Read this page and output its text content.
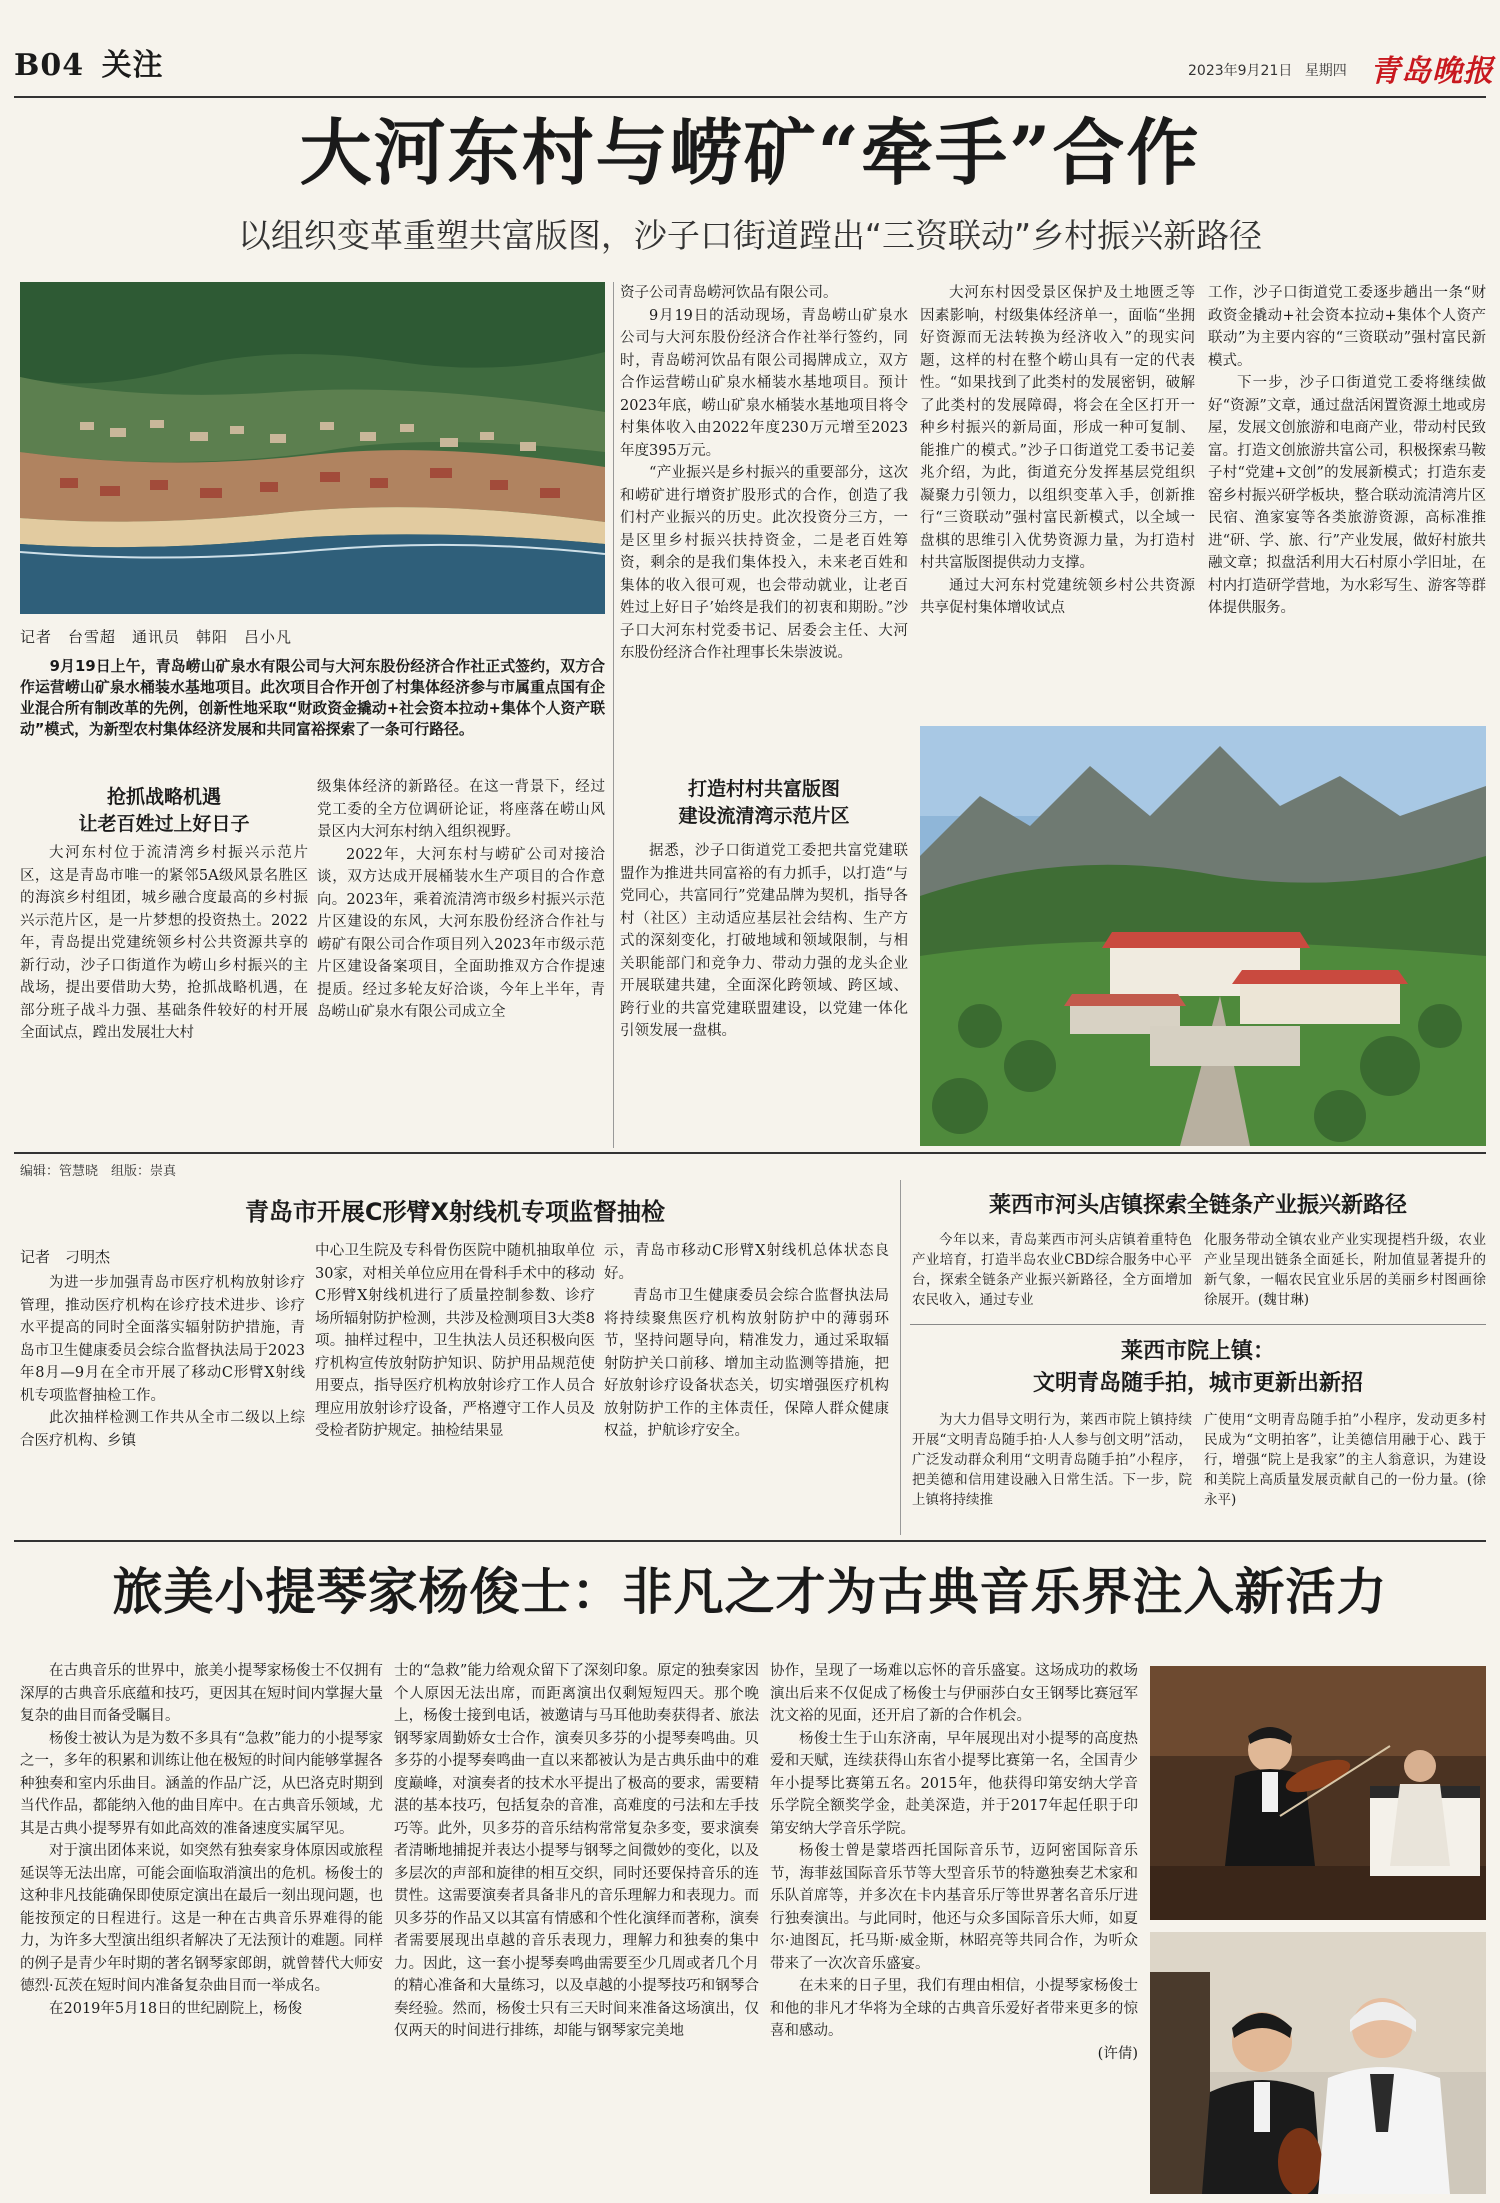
B04 关注	2023年9月21日 星期四 青岛晚报
大河东村与崂矿“牵手”合作
以组织变革重塑共富版图，沙子口街道蹚出“三资联动”乡村振兴新路径
记者　台雪超　通讯员　韩阳　吕小凡

9月19日上午，青岛崂山矿泉水有限公司与大河东股份经济合作社正式签约，双方合作运营崂山矿泉水桶装水基地项目。此次项目合作开创了村集体经济参与市属重点国有企业混合所有制改革的先例，创新性地采取“财政资金撬动+社会资本拉动+集体个人资产联动”模式，为新型农村集体经济发展和共同富裕探索了一条可行路径。

抢抓战略机遇
让老百姓过上好日子

大河东村位于流清湾乡村振兴示范片区，这是青岛市唯一的紧邻5A级风景名胜区的海滨乡村组团，城乡融合度最高的乡村振兴示范片区，是一片梦想的投资热土。2022年，青岛提出党建统领乡村公共资源共享的新行动，沙子口街道作为崂山乡村振兴的主战场，提出要借助大势，抢抓战略机遇，在部分班子战斗力强、基础条件较好的村开展全面试点，蹚出发展壮大村

级集体经济的新路径。在这一背景下，经过党工委的全方位调研论证，将座落在崂山风景区内大河东村纳入组织视野。

2022年，大河东村与崂矿公司对接洽谈，双方达成开展桶装水生产项目的合作意向。2023年，乘着流清湾市级乡村振兴示范片区建设的东风，大河东股份经济合作社与崂矿有限公司合作项目列入2023年市级示范片区建设备案项目，全面助推双方合作提速提质。经过多轮友好洽谈，今年上半年，青岛崂山矿泉水有限公司成立全

资子公司青岛崂河饮品有限公司。

9月19日的活动现场，青岛崂山矿泉水公司与大河东股份经济合作社举行签约，同时，青岛崂河饮品有限公司揭牌成立，双方合作运营崂山矿泉水桶装水基地项目。预计2023年底，崂山矿泉水桶装水基地项目将令村集体收入由2022年度230万元增至2023年度395万元。

“产业振兴是乡村振兴的重要部分，这次和崂矿进行增资扩股形式的合作，创造了我们村产业振兴的历史。此次投资分三方，一是区里乡村振兴扶持资金，二是老百姓筹资，剩余的是我们集体投入，未来老百姓和集体的收入很可观，也会带动就业，让老百姓过上好日子’始终是我们的初衷和期盼。”沙子口大河东村党委书记、居委会主任、大河东股份经济合作社理事长朱崇波说。

打造村村共富版图
建设流清湾示范片区

据悉，沙子口街道党工委把共富党建联盟作为推进共同富裕的有力抓手，以打造“与党同心，共富同行”党建品牌为契机，指导各村（社区）主动适应基层社会结构、生产方式的深刻变化，打破地域和领域限制，与相关职能部门和竞争力、带动力强的龙头企业开展联建共建，全面深化跨领域、跨区域、跨行业的共富党建联盟建设，以党建一体化引领发展一盘棋。

大河东村因受景区保护及土地匮乏等因素影响，村级集体经济单一，面临“坐拥好资源而无法转换为经济收入”的现实问题，这样的村在整个崂山具有一定的代表性。“如果找到了此类村的发展密钥，破解了此类村的发展障碍，将会在全区打开一种乡村振兴的新局面，形成一种可复制、能推广的模式。”沙子口街道党工委书记姜兆介绍，为此，街道充分发挥基层党组织凝聚力引领力，以组织变革入手，创新推行“三资联动”强村富民新模式，以全域一盘棋的思维引入优势资源力量，为打造村村共富版图提供动力支撑。

通过大河东村党建统领乡村公共资源共享促村集体增收试点

工作，沙子口街道党工委逐步趟出一条“财政资金撬动+社会资本拉动+集体个人资产联动”为主要内容的“三资联动”强村富民新模式。

下一步，沙子口街道党工委将继续做好“资源”文章，通过盘活闲置资源土地或房屋，发展文创旅游和电商产业，带动村民致富。打造文创旅游共富公司，积极探索马鞍子村“党建+文创”的发展新模式；打造东麦窑乡村振兴研学板块，整合联动流清湾片区民宿、渔家宴等各类旅游资源，高标准推进“研、学、旅、行”产业发展，做好村旅共融文章；拟盘活利用大石村原小学旧址，在村内打造研学营地，为水彩写生、游客等群体提供服务。

编辑：管慧晓　组版：崇真
青岛市开展C形臂X射线机专项监督抽检
记者　刁明杰

为进一步加强青岛市医疗机构放射诊疗管理，推动医疗机构在诊疗技术进步、诊疗水平提高的同时全面落实辐射防护措施，青岛市卫生健康委员会综合监督执法局于2023年8月—9月在全市开展了移动C形臂X射线机专项监督抽检工作。

此次抽样检测工作共从全市二级以上综合医疗机构、乡镇

中心卫生院及专科骨伤医院中随机抽取单位30家，对相关单位应用在骨科手术中的移动C形臂X射线机进行了质量控制参数、诊疗场所辐射防护检测，共涉及检测项目3大类8项。抽样过程中，卫生执法人员还积极向医疗机构宣传放射防护知识、防护用品规范使用要点，指导医疗机构放射诊疗工作人员合理应用放射诊疗设备，严格遵守工作人员及受检者防护规定。抽检结果显

示，青岛市移动C形臂X射线机总体状态良好。

青岛市卫生健康委员会综合监督执法局将持续聚焦医疗机构放射防护中的薄弱环节，坚持问题导向，精准发力，通过采取辐射防护关口前移、增加主动监测等措施，把好放射诊疗设备状态关，切实增强医疗机构放射防护工作的主体责任，保障人群众健康权益，护航诊疗安全。

莱西市河头店镇探索全链条产业振兴新路径

今年以来，青岛莱西市河头店镇着重特色产业培育，打造半岛农业CBD综合服务中心平台，探索全链条产业振兴新路径，全方面增加农民收入，通过专业

化服务带动全镇农业产业实现提档升级，农业产业呈现出链条全面延长，附加值显著提升的新气象，一幅农民宜业乐居的美丽乡村图画徐徐展开。(魏甘琳)

莱西市院上镇：
文明青岛随手拍，城市更新出新招

为大力倡导文明行为，莱西市院上镇持续开展“文明青岛随手拍·人人参与创文明”活动，广泛发动群众利用“文明青岛随手拍”小程序，把美德和信用建设融入日常生活。下一步，院上镇将持续推

广使用“文明青岛随手拍”小程序，发动更多村民成为“文明拍客”，让美德信用融于心、践于行，增强“院上是我家”的主人翁意识，为建设和美院上高质量发展贡献自己的一份力量。(徐永平)

旅美小提琴家杨俊士：非凡之才为古典音乐界注入新活力

在古典音乐的世界中，旅美小提琴家杨俊士不仅拥有深厚的古典音乐底蕴和技巧，更因其在短时间内掌握大量复杂的曲目而备受瞩目。

杨俊士被认为是为数不多具有“急救”能力的小提琴家之一，多年的积累和训练让他在极短的时间内能够掌握各种独奏和室内乐曲目。涵盖的作品广泛，从巴洛克时期到当代作品，都能纳入他的曲目库中。在古典音乐领域，尤其是古典小提琴界有如此高效的准备速度实属罕见。

对于演出团体来说，如突然有独奏家身体原因或旅程延误等无法出席，可能会面临取消演出的危机。杨俊士的这种非凡技能确保即使原定演出在最后一刻出现问题，也能按预定的日程进行。这是一种在古典音乐界难得的能力，为许多大型演出组织者解决了无法预计的难题。同样的例子是青少年时期的著名钢琴家郎朗，就曾替代大师安德烈·瓦茨在短时间内准备复杂曲目而一举成名。

在2019年5月18日的世纪剧院上，杨俊

士的“急救”能力给观众留下了深刻印象。原定的独奏家因个人原因无法出席，而距离演出仅剩短短四天。那个晚上，杨俊士接到电话，被邀请与马耳他助奏获得者、旅法钢琴家周勤娇女士合作，演奏贝多芬的小提琴奏鸣曲。贝多芬的小提琴奏鸣曲一直以来都被认为是古典乐曲中的难度巅峰，对演奏者的技术水平提出了极高的要求，需要精湛的基本技巧，包括复杂的音准，高难度的弓法和左手技巧等。此外，贝多芬的音乐结构常常复杂多变，要求演奏者清晰地捕捉并表达小提琴与钢琴之间微妙的变化，以及多层次的声部和旋律的相互交织，同时还要保持音乐的连贯性。这需要演奏者具备非凡的音乐理解力和表现力。而贝多芬的作品又以其富有情感和个性化演绎而著称，演奏者需要展现出卓越的音乐表现力，理解力和独奏的集中力。因此，这一套小提琴奏鸣曲需要至少几周或者几个月的精心准备和大量练习，以及卓越的小提琴技巧和钢琴合奏经验。然而，杨俊士只有三天时间来准备这场演出，仅仅两天的时间进行排练，却能与钢琴家完美地

协作，呈现了一场难以忘怀的音乐盛宴。这场成功的救场演出后来不仅促成了杨俊士与伊丽莎白女王钢琴比赛冠军沈文裕的见面，还开启了新的合作机会。

杨俊士生于山东济南，早年展现出对小提琴的高度热爱和天赋，连续获得山东省小提琴比赛第一名，全国青少年小提琴比赛第五名。2015年，他获得印第安纳大学音乐学院全额奖学金，赴美深造，并于2017年起任职于印第安纳大学音乐学院。

杨俊士曾是蒙塔西托国际音乐节，迈阿密国际音乐节，海菲兹国际音乐节等大型音乐节的特邀独奏艺术家和乐队首席等，并多次在卡内基音乐厅等世界著名音乐厅进行独奏演出。与此同时，他还与众多国际音乐大师，如夏尔·迪图瓦，托马斯·威金斯，林昭亮等共同合作，为听众带来了一次次音乐盛宴。

在未来的日子里，我们有理由相信，小提琴家杨俊士和他的非凡才华将为全球的古典音乐爱好者带来更多的惊喜和感动。

(许倩)
